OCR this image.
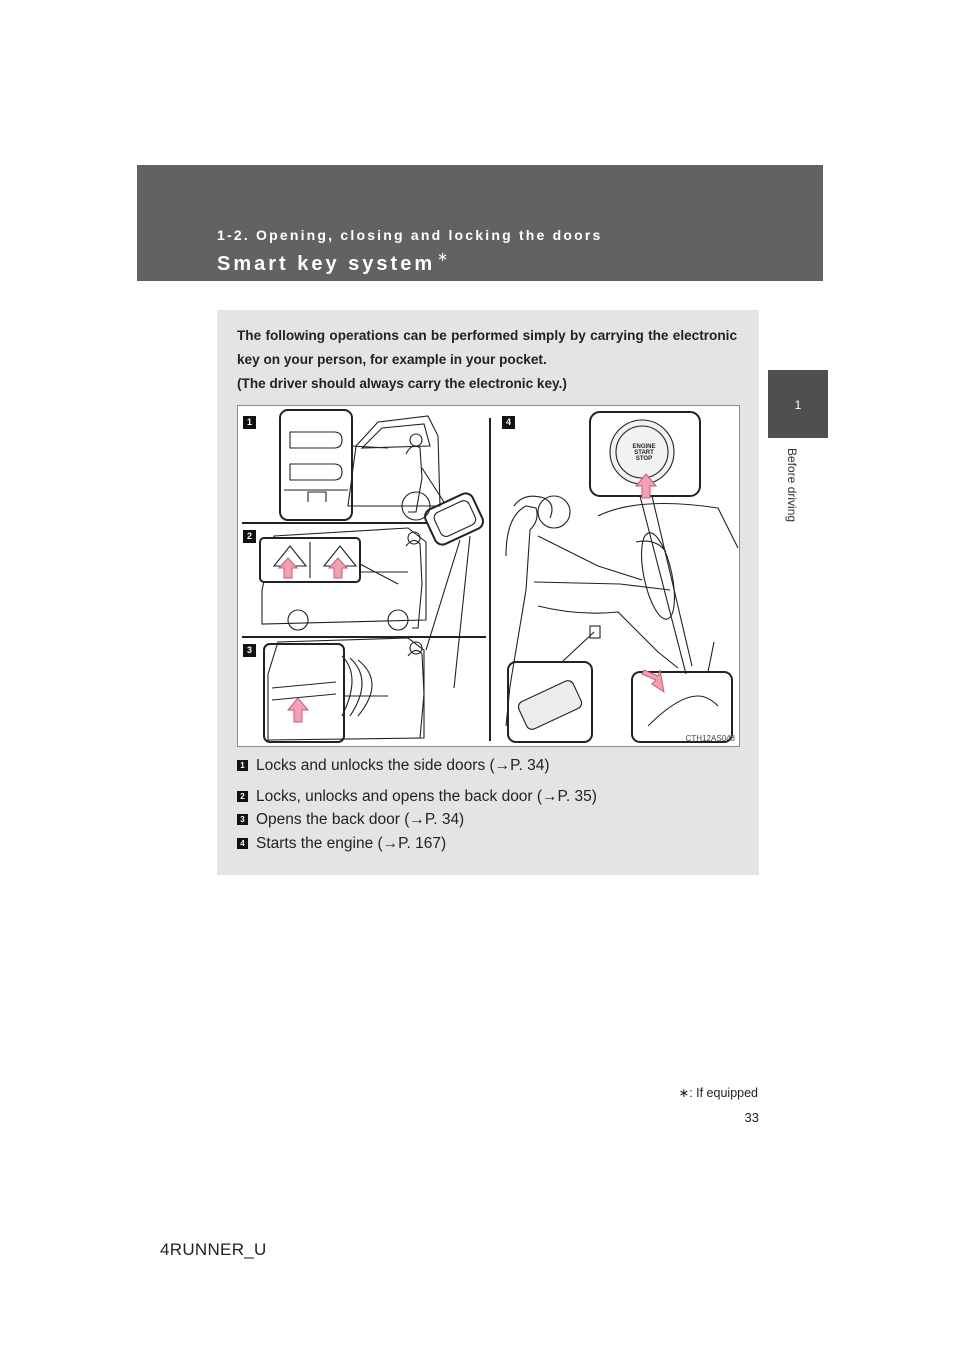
1-2. Opening, closing and locking the doors
Smart key system ∗
1
Before driving

The following operations can be performed simply by carrying the electronic key on your person, for example in your pocket.

(The driver should always carry the electronic key.)

1	4
2
3
ENGINE
START
STOP
CTH12AS048
1 Locks and unlocks the side doors (→P. 34)
2 Locks, unlocks and opens the back door (→P. 35)
3 Opens the back door (→P. 34)
4 Starts the engine (→P. 167)
∗: If equipped
33
4RUNNER_U
